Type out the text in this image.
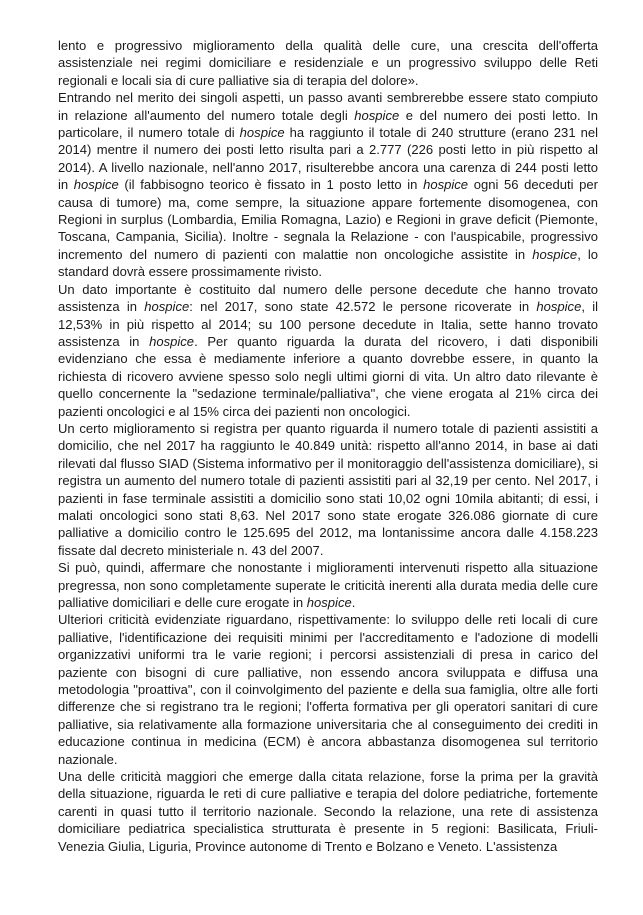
lento e progressivo miglioramento della qualità delle cure, una crescita dell'offerta assistenziale nei regimi domiciliare e residenziale e un progressivo sviluppo delle Reti regionali e locali sia di cure palliative sia di terapia del dolore».

Entrando nel merito dei singoli aspetti, un passo avanti sembrerebbe essere stato compiuto in relazione all'aumento del numero totale degli hospice e del numero dei posti letto. In particolare, il numero totale di hospice ha raggiunto il totale di 240 strutture (erano 231 nel 2014) mentre il numero dei posti letto risulta pari a 2.777 (226 posti letto in più rispetto al 2014). A livello nazionale, nell'anno 2017, risulterebbe ancora una carenza di 244 posti letto in hospice (il fabbisogno teorico è fissato in 1 posto letto in hospice ogni 56 deceduti per causa di tumore) ma, come sempre, la situazione appare fortemente disomogenea, con Regioni in surplus (Lombardia, Emilia Romagna, Lazio) e Regioni in grave deficit (Piemonte, Toscana, Campania, Sicilia). Inoltre - segnala la Relazione - con l'auspicabile, progressivo incremento del numero di pazienti con malattie non oncologiche assistite in hospice, lo standard dovrà essere prossimamente rivisto.

Un dato importante è costituito dal numero delle persone decedute che hanno trovato assistenza in hospice: nel 2017, sono state 42.572 le persone ricoverate in hospice, il 12,53% in più rispetto al 2014; su 100 persone decedute in Italia, sette hanno trovato assistenza in hospice. Per quanto riguarda la durata del ricovero, i dati disponibili evidenziano che essa è mediamente inferiore a quanto dovrebbe essere, in quanto la richiesta di ricovero avviene spesso solo negli ultimi giorni di vita. Un altro dato rilevante è quello concernente la "sedazione terminale/palliativa", che viene erogata al 21% circa dei pazienti oncologici e al 15% circa dei pazienti non oncologici.

Un certo miglioramento si registra per quanto riguarda il numero totale di pazienti assistiti a domicilio, che nel 2017 ha raggiunto le 40.849 unità: rispetto all'anno 2014, in base ai dati rilevati dal flusso SIAD (Sistema informativo per il monitoraggio dell'assistenza domiciliare), si registra un aumento del numero totale di pazienti assistiti pari al 32,19 per cento. Nel 2017, i pazienti in fase terminale assistiti a domicilio sono stati 10,02 ogni 10mila abitanti; di essi, i malati oncologici sono stati 8,63. Nel 2017 sono state erogate 326.086 giornate di cure palliative a domicilio contro le 125.695 del 2012, ma lontanissime ancora dalle 4.158.223 fissate dal decreto ministeriale n. 43 del 2007.

Si può, quindi, affermare che nonostante i miglioramenti intervenuti rispetto alla situazione pregressa, non sono completamente superate le criticità inerenti alla durata media delle cure palliative domiciliari e delle cure erogate in hospice.

Ulteriori criticità evidenziate riguardano, rispettivamente: lo sviluppo delle reti locali di cure palliative, l'identificazione dei requisiti minimi per l'accreditamento e l'adozione di modelli organizzativi uniformi tra le varie regioni; i percorsi assistenziali di presa in carico del paziente con bisogni di cure palliative, non essendo ancora sviluppata e diffusa una metodologia "proattiva", con il coinvolgimento del paziente e della sua famiglia, oltre alle forti differenze che si registrano tra le regioni; l'offerta formativa per gli operatori sanitari di cure palliative, sia relativamente alla formazione universitaria che al conseguimento dei crediti in educazione continua in medicina (ECM) è ancora abbastanza disomogenea sul territorio nazionale.

Una delle criticità maggiori che emerge dalla citata relazione, forse la prima per la gravità della situazione, riguarda le reti di cure palliative e terapia del dolore pediatriche, fortemente carenti in quasi tutto il territorio nazionale. Secondo la relazione, una rete di assistenza domiciliare pediatrica specialistica strutturata è presente in 5 regioni: Basilicata, Friuli-Venezia Giulia, Liguria, Province autonome di Trento e Bolzano e Veneto. L'assistenza
